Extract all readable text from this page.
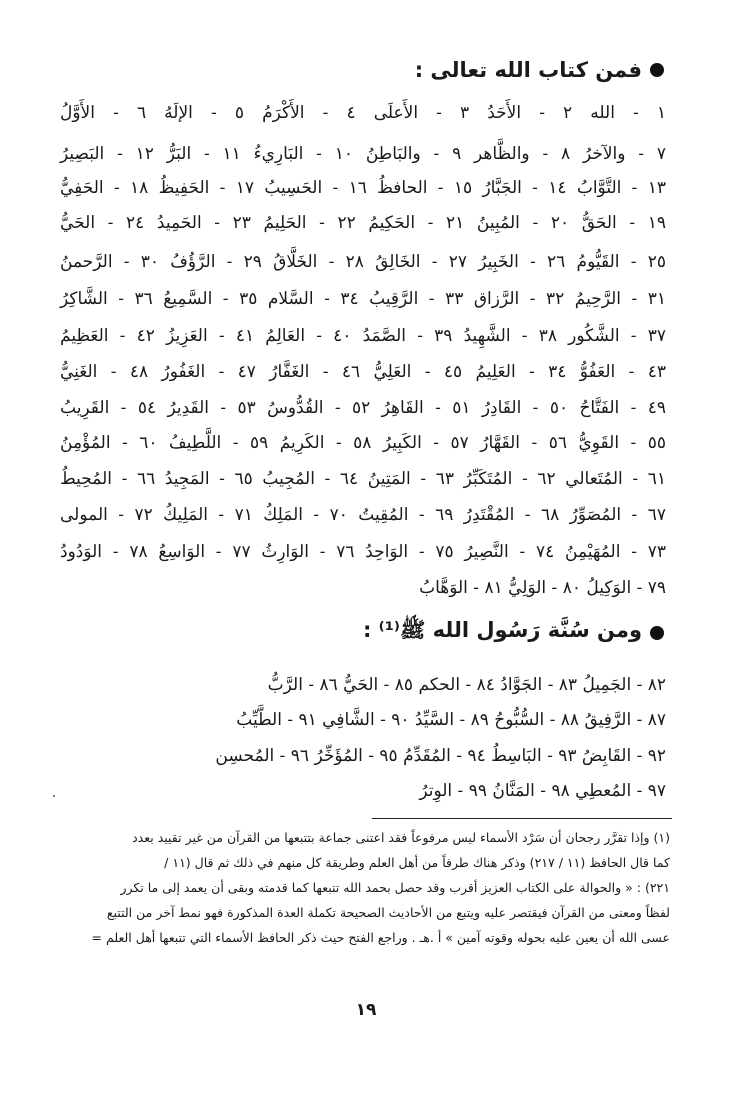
فمن كتاب الله تعالى :
١ - الله ٢ - الأَحَدُ ٣ - الأَعلَى ٤ - الأَكْرَمُ ٥ - الإلَهُ ٦ - الأَوَّلُ
٧ - والآخرُ ٨ - والظَّاهر ٩ - والبَاطِنُ ١٠ - البَارِيءُ ١١ - البَرُّ ١٢ - البَصِيرُ
١٣ - التَّوَّابُ ١٤ - الجَبَّارُ ١٥ - الحافظُ ١٦ - الحَسِيبُ ١٧ - الحَفِيظُ ١٨ - الحَفِيُّ
١٩ - الحَقُّ ٢٠ - المُبِينُ ٢١ - الحَكِيمُ ٢٢ - الحَلِيمُ ٢٣ - الحَمِيدُ ٢٤ - الحَيُّ
٢٥ - القَيُّومُ ٢٦ - الخَبِيرُ ٢٧ - الخَالِقُ ٢٨ - الخَلَّاقُ ٢٩ - الرَّؤُفُ ٣٠ - الرَّحمنُ
٣١ - الرَّحِيمُ ٣٢ - الرَّزاق ٣٣ - الرَّقِيبُ ٣٤ - السَّلام ٣٥ - السَّمِيعُ ٣٦ - الشَّاكِرُ
٣٧ - الشَّكُور ٣٨ - الشَّهِيدُ ٣٩ - الصَّمَدُ ٤٠ - العَالِمُ ٤١ - العَزِيزُ ٤٢ - العَظِيمُ
٤٣ - العَفُوُّ ٣٤ - العَلِيمُ ٤٥ - العَلِيُّ ٤٦ - الغَفَّارُ ٤٧ - الغَفُورُ ٤٨ - الغَنِيُّ
٤٩ - الفَتَّاحُ ٥٠ - القَادِرُ ٥١ - القَاهِرُ ٥٢ - القُدُّوسُ ٥٣ - القَدِيرُ ٥٤ - القَرِيبُ
٥٥ - القَوِيُّ ٥٦ - القَهَّارُ ٥٧ - الكَبِيرُ ٥٨ - الكَرِيمُ ٥٩ - اللَّطِيفُ ٦٠ - المُؤْمِنُ
٦١ - المُتَعالي ٦٢ - المُتَكَبِّرُ ٦٣ - المَتِينُ ٦٤ - المُجِيبُ ٦٥ - المَجِيدُ ٦٦ - المُحِيطُ
٦٧ - المُصَوِّرُ ٦٨ - المُقْتَدِرُ ٦٩ - المُقِيتُ ٧٠ - المَلِكُ ٧١ - المَلِيكُ ٧٢ - المولى
٧٣ - المُهَيْمِنُ ٧٤ - النَّصِيرُ ٧٥ - الوَاحِدُ ٧٦ - الوَارِثُ ٧٧ - الوَاسِعُ ٧٨ - الوَدُودُ
٧٩ - الوَكِيلُ ٨٠ - الوَلِيُّ ٨١ - الوَهَّابُ
ومن سُنَّة رَسُول الله ﷺ⁽¹⁾ :
٨٢ - الجَمِيلُ ٨٣ - الجَوَّادُ ٨٤ - الحكم ٨٥ - الحَيُّ ٨٦ - الرَّبُّ
٨٧ - الرَّفِيقُ ٨٨ - السُّبُّوحُ ٨٩ - السَّيِّدُ ٩٠ - الشَّافِي ٩١ - الطَّيِّبُ
٩٢ - القَابِضُ ٩٣ - البَاسِطُ ٩٤ - المُقَدِّمُ ٩٥ - المُؤَخِّرُ ٩٦ - المُحسِن
٩٧ - المُعطِي ٩٨ - المَنَّانُ ٩٩ - الوِترُ
(١) وإذا تقرَّر رجحان أن سَرْد الأسماء ليس مرفوعاً فقد اعتنى جماعة بتتبعها من القرآن من غير تقييد بعدد
كما قال الحافظ (١١ / ٢١٧) وذكر هناك طرفاً من أهل العلم وطريقة كل منهم في ذلك ثم قال (١١ /
٢٢١) : « والحوالة على الكتاب العزيز أقرب وقد حصل بحمد الله تتبعها كما قدمته وبقى أن يعمد إلى ما تكرر
لفظاً ومعنى من القرآن فيقتصر عليه ويتبع من الأحاديث الصحيحة تكملة العدة المذكورة فهو نمط آخر من التتبع
عسى الله أن يعين عليه بحوله وقوته آمين » أ .هـ . وراجع الفتح حيث ذكر الحافظ الأسماء التي تتبعها أهل العلم =
١٩
